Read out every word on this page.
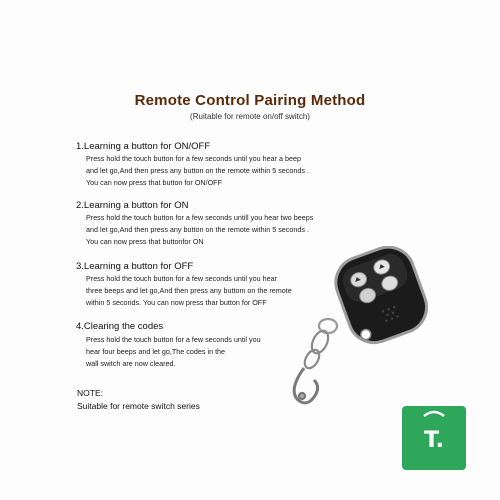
Remote Control Pairing Method
(Ruitable for remote on/off switch)
1.Learning a button for ON/OFF
Press hold the touch button for a few seconds until you hear a beep
and let go,And then press any button on the remote within 5 seconds .
You can now press that button for ON/OFF
2.Learning a button for ON
Press hold the touch button for a few seconds untill you hear two beeps
and let go,And then press any button on the remote within 5 seconds .
You can now press that buttonfor ON
3.Learning a button for OFF
Press hold the touch button for a few seconds until you hear
three beeps and let go,And then press any buttom on the remote
within 5 seconds. You can now press thar button for OFF
4.Clearing the codes
Press hold the touch button for a few seconds until you
hear four beeps and let go,The codes in the
wall switch are now cleared.
NOTE:
Suitable for remote switch series
T.
